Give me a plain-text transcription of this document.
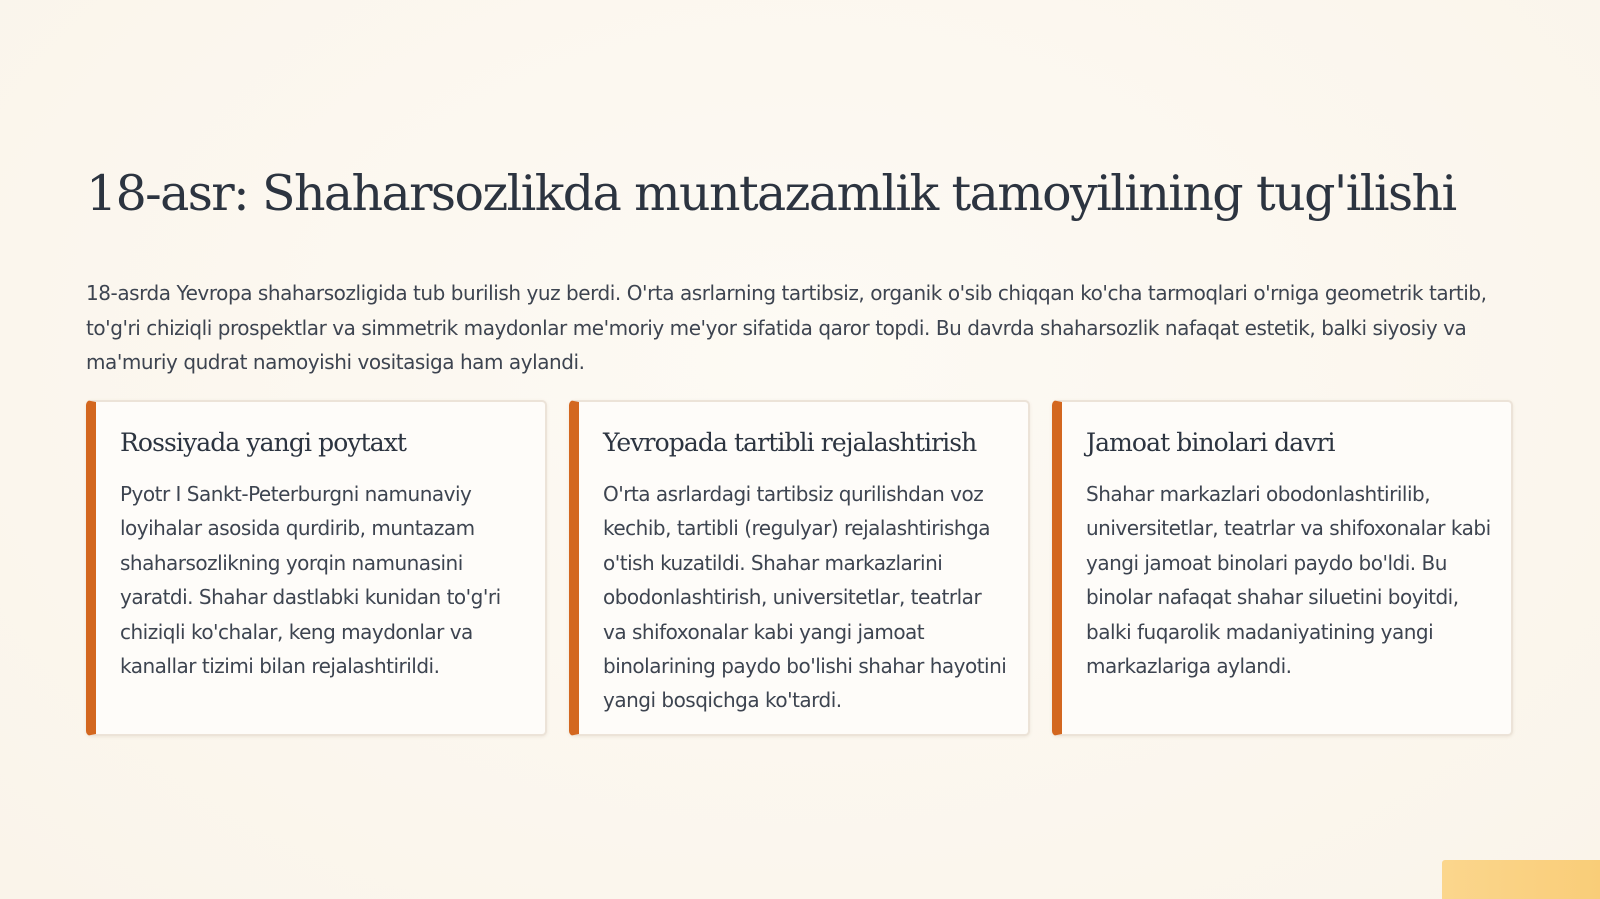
18-asr: Shaharsozlikda muntazamlik tamoyilining tug'ilishi

18-asrda Yevropa shaharsozligida tub burilish yuz berdi. O'rta asrlarning tartibsiz, organik o'sib chiqqan ko'cha tarmoqlari o'rniga geometrik tartib, to'g'ri chiziqli prospektlar va simmetrik maydonlar me'moriy me'yor sifatida qaror topdi. Bu davrda shaharsozlik nafaqat estetik, balki siyosiy va ma'muriy qudrat namoyishi vositasiga ham aylandi.

Rossiyada yangi poytaxt

Pyotr I Sankt-Peterburgni namunaviy loyihalar asosida qurdirib, muntazam shaharsozlikning yorqin namunasini yaratdi. Shahar dastlabki kunidan to'g'ri chiziqli ko'chalar, keng maydonlar va kanallar tizimi bilan rejalashtirildi.

Yevropada tartibli rejalashtirish

O'rta asrlardagi tartibsiz qurilishdan voz kechib, tartibli (regulyar) rejalashtirishga o'tish kuzatildi. Shahar markazlarini obodonlashtirish, universitetlar, teatrlar va shifoxonalar kabi yangi jamoat binolarining paydo bo'lishi shahar hayotini yangi bosqichga ko'tardi.

Jamoat binolari davri

Shahar markazlari obodonlashtirilib, universitetlar, teatrlar va shifoxonalar kabi yangi jamoat binolari paydo bo'ldi. Bu binolar nafaqat shahar siluetini boyitdi, balki fuqarolik madaniyatining yangi markazlariga aylandi.
